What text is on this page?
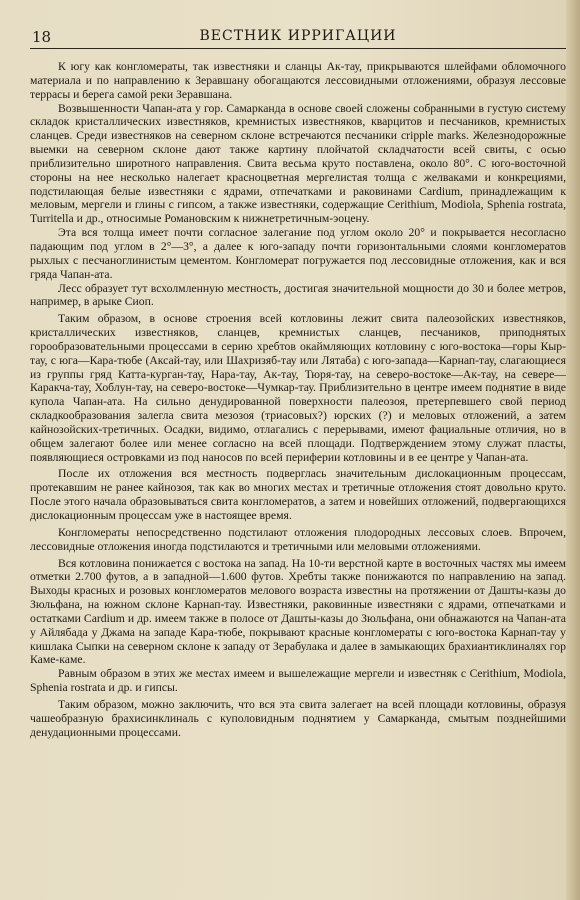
18	ВЕСТНИК ИРРИГАЦИИ

К югу как конгломераты, так известняки и сланцы Ак-тау, прикрываются шлейфами обломочного материала и по направлению к Зеравшану обогащаются лессовидными отложениями, образуя лессовые террасы и берега самой реки Зеравшана.

Возвышенности Чапан-ата у гор. Самарканда в основе своей сложены собранными в густую систему складок кристаллических известняков, кремнистых известняков, кварцитов и песчаников, кремнистых сланцев. Среди известняков на северном склоне встречаются песчаники cripple marks. Железнодорожные выемки на северном склоне дают также картину плойчатой складчатости всей свиты, с осью приблизительно широтного направления. Свита весьма круто поставлена, около 80°. С юго-восточной стороны на нее несколько налегает красноцветная мергелистая толща с желваками и конкрециями, подстилающая белые известняки с ядрами, отпечатками и раковинами Cardium, принадлежащим к меловым, мергели и глины с гипсом, а также известняки, содержащие Cerithium, Modiola, Sphenia rostrata, Turritella и др., относимые Романовским к нижнетретичным-эоцену.

Эта вся толща имеет почти согласное залегание под углом около 20° и покрывается несогласно падающим под углом в 2°—3°, а далее к юго-западу почти горизонтальными слоями конгломератов рыхлых с песчаноглинистым цементом. Конгломерат погружается под лессовидные отложения, как и вся гряда Чапан-ата.

Лесс образует тут всхолмленную местность, достигая значительной мощности до 30 и более метров, например, в арыке Сиоп.

Таким образом, в основе строения всей котловины лежит свита палеозойских известняков, кристаллических известняков, сланцев, кремнистых сланцев, песчаников, приподнятых горообразовательными процессами в серию хребтов окаймляющих котловину с юго-востока—горы Кыр-тау, с юга—Кара-тюбе (Аксай-тау, или Шахризяб-тау или Лятаба) с юго-запада—Карнап-тау, слагающиеся из группы гряд Катта-курган-тау, Нара-тау, Ак-тау, Тюря-тау, на северо-востоке—Ак-тау, на севере—Каракча-тау, Хоблун-тау, на северо-востоке—Чумкар-тау. Приблизительно в центре имеем поднятие в виде купола Чапан-ата. На сильно денудированной поверхности палеозоя, претерпевшего свой период складкообразования залегла свита мезозоя (триасовых?) юрских (?) и меловых отложений, а затем кайнозойских-третичных. Осадки, видимо, отлагались с перерывами, имеют фациальные отличия, но в общем залегают более или менее согласно на всей площади. Подтверждением этому служат пласты, появляющиеся островками из под наносов по всей периферии котловины и в ее центре у Чапан-ата.

После их отложения вся местность подверглась значительным дислокационным процессам, протекавшим не ранее кайнозоя, так как во многих местах и третичные отложения стоят довольно круто. После этого начала образовываться свита конгломератов, а затем и новейших отложений, подвергающихся дислокационным процессам уже в настоящее время.

Конгломераты непосредственно подстилают отложения плодородных лессовых слоев. Впрочем, лессовидные отложения иногда подстилаются и третичными или меловыми отложениями.

Вся котловина понижается с востока на запад. На 10-ти верстной карте в восточных частях мы имеем отметки 2.700 футов, а в западной—1.600 футов. Хребты также понижаются по направлению на запад. Выходы красных и розовых конгломератов мелового возраста известны на протяжении от Дашты-казы до Зюльфана, на южном склоне Карнап-тау. Известняки, раковинные известняки с ядрами, отпечатками и остатками Cardium и др. имеем также в полосе от Дашты-казы до Зюльфана, они обнажаются на Чапан-ата у Айлябада у Джама на западе Кара-тюбе, покрывают красные конгломераты с юго-востока Карнап-тау у кишлака Сыпки на северном склоне к западу от Зерабулака и далее в замыкающих брахиантиклиналях гор Каме-каме.

Равным образом в этих же местах имеем и вышележащие мергели и известняк с Cerithium, Modiola, Sphenia rostrata и др. и гипсы.

Таким образом, можно заключить, что вся эта свита залегает на всей площади котловины, образуя чашеобразную брахисинклиналь с куполовидным поднятием у Самарканда, смытым позднейшими денудационными процессами.
